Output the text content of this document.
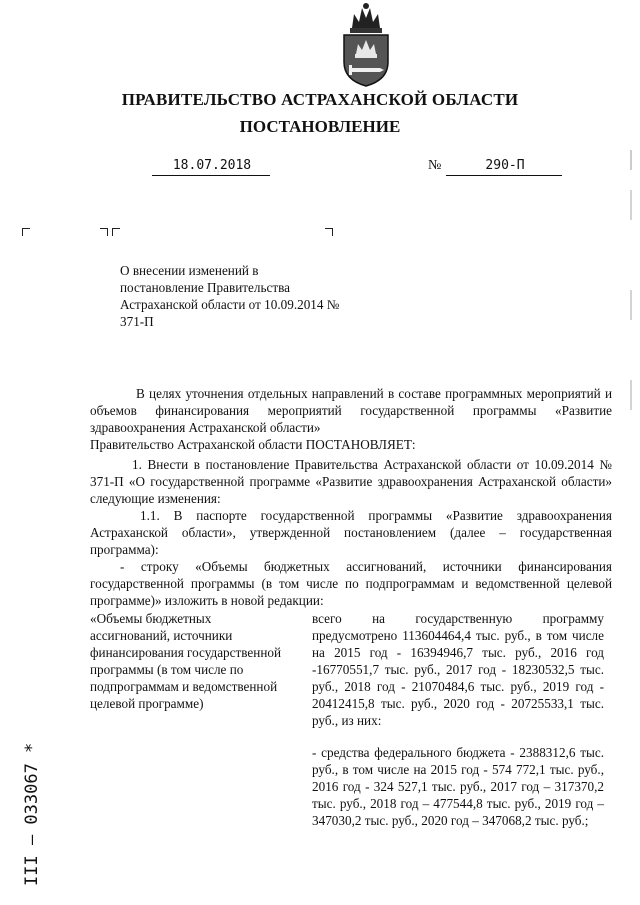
ПРАВИТЕЛЬСТВО АСТРАХАНСКОЙ ОБЛАСТИ
ПОСТАНОВЛЕНИЕ
18.07.2018	№	290-П
О внесении изменений в постановление Правительства Астраханской области от 10.09.2014 № 371-П
В целях уточнения отдельных направлений в составе программных мероприятий и объемов финансирования мероприятий государственной программы «Развитие здравоохранения Астраханской области»
Правительство Астраханской области ПОСТАНОВЛЯЕТ:
1. Внести в постановление Правительства Астраханской области от 10.09.2014 № 371-П «О государственной программе «Развитие здравоохранения Астраханской области» следующие изменения:
1.1. В паспорте государственной программы «Развитие здравоохранения Астраханской области», утвержденной постановлением (далее – государственная программа):
- строку «Объемы бюджетных ассигнований, источники финансирования государственной программы (в том числе по подпрограммам и ведомственной целевой программе)» изложить в новой редакции:
«Объемы бюджетных ассигнований, источники финансирования государственной программы (в том числе по подпрограммам и ведомственной целевой программе)
всего на государственную программу предусмотрено 113604464,4 тыс. руб., в том числе на 2015 год - 16394946,7 тыс. руб., 2016 год -16770551,7 тыс. руб., 2017 год - 18230532,5 тыс. руб., 2018 год - 21070484,6 тыс. руб., 2019 год - 20412415,8 тыс. руб., 2020 год - 20725533,1 тыс. руб., из них:
- средства федерального бюджета - 2388312,6 тыс. руб., в том числе на 2015 год - 574 772,1 тыс. руб., 2016 год - 324 527,1 тыс. руб., 2017 год – 317370,2 тыс. руб., 2018 год – 477544,8 тыс. руб., 2019 год – 347030,2 тыс. руб., 2020 год – 347068,2 тыс. руб.;
III – 033067 *
